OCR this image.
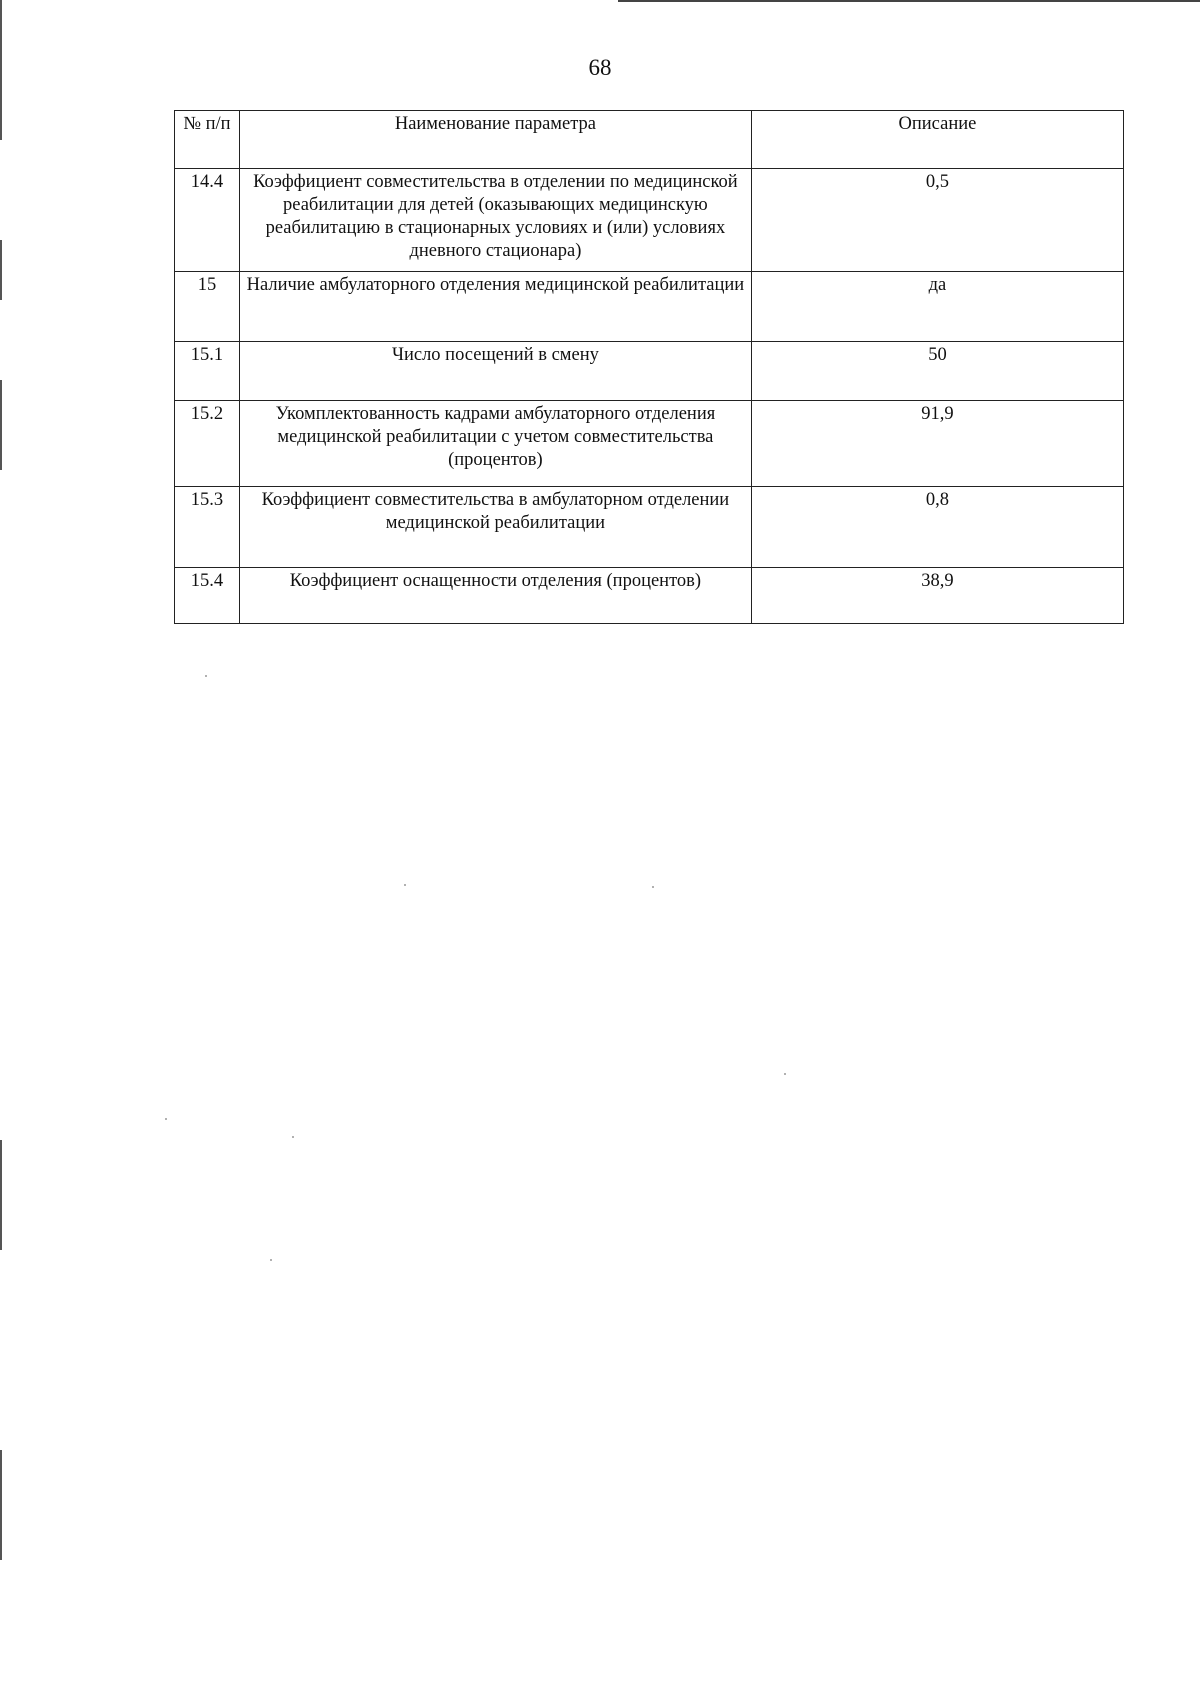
68
№ п/п	Наименование параметра	Описание
14.4	Коэффициент совместительства в отделении по медицинской реабилитации для детей (оказывающих медицинскую реабилитацию в стационарных условиях и (или) условиях дневного стационара)	0,5
15	Наличие амбулаторного отделения медицинской реабилитации	да
15.1	Число посещений в смену	50
15.2	Укомплектованность кадрами амбулаторного отделения медицинской реабилитации с учетом совместительства (процентов)	91,9
15.3	Коэффициент совместительства в амбулаторном отделении медицинской реабилитации	0,8
15.4	Коэффициент оснащенности отделения (процентов)	38,9
